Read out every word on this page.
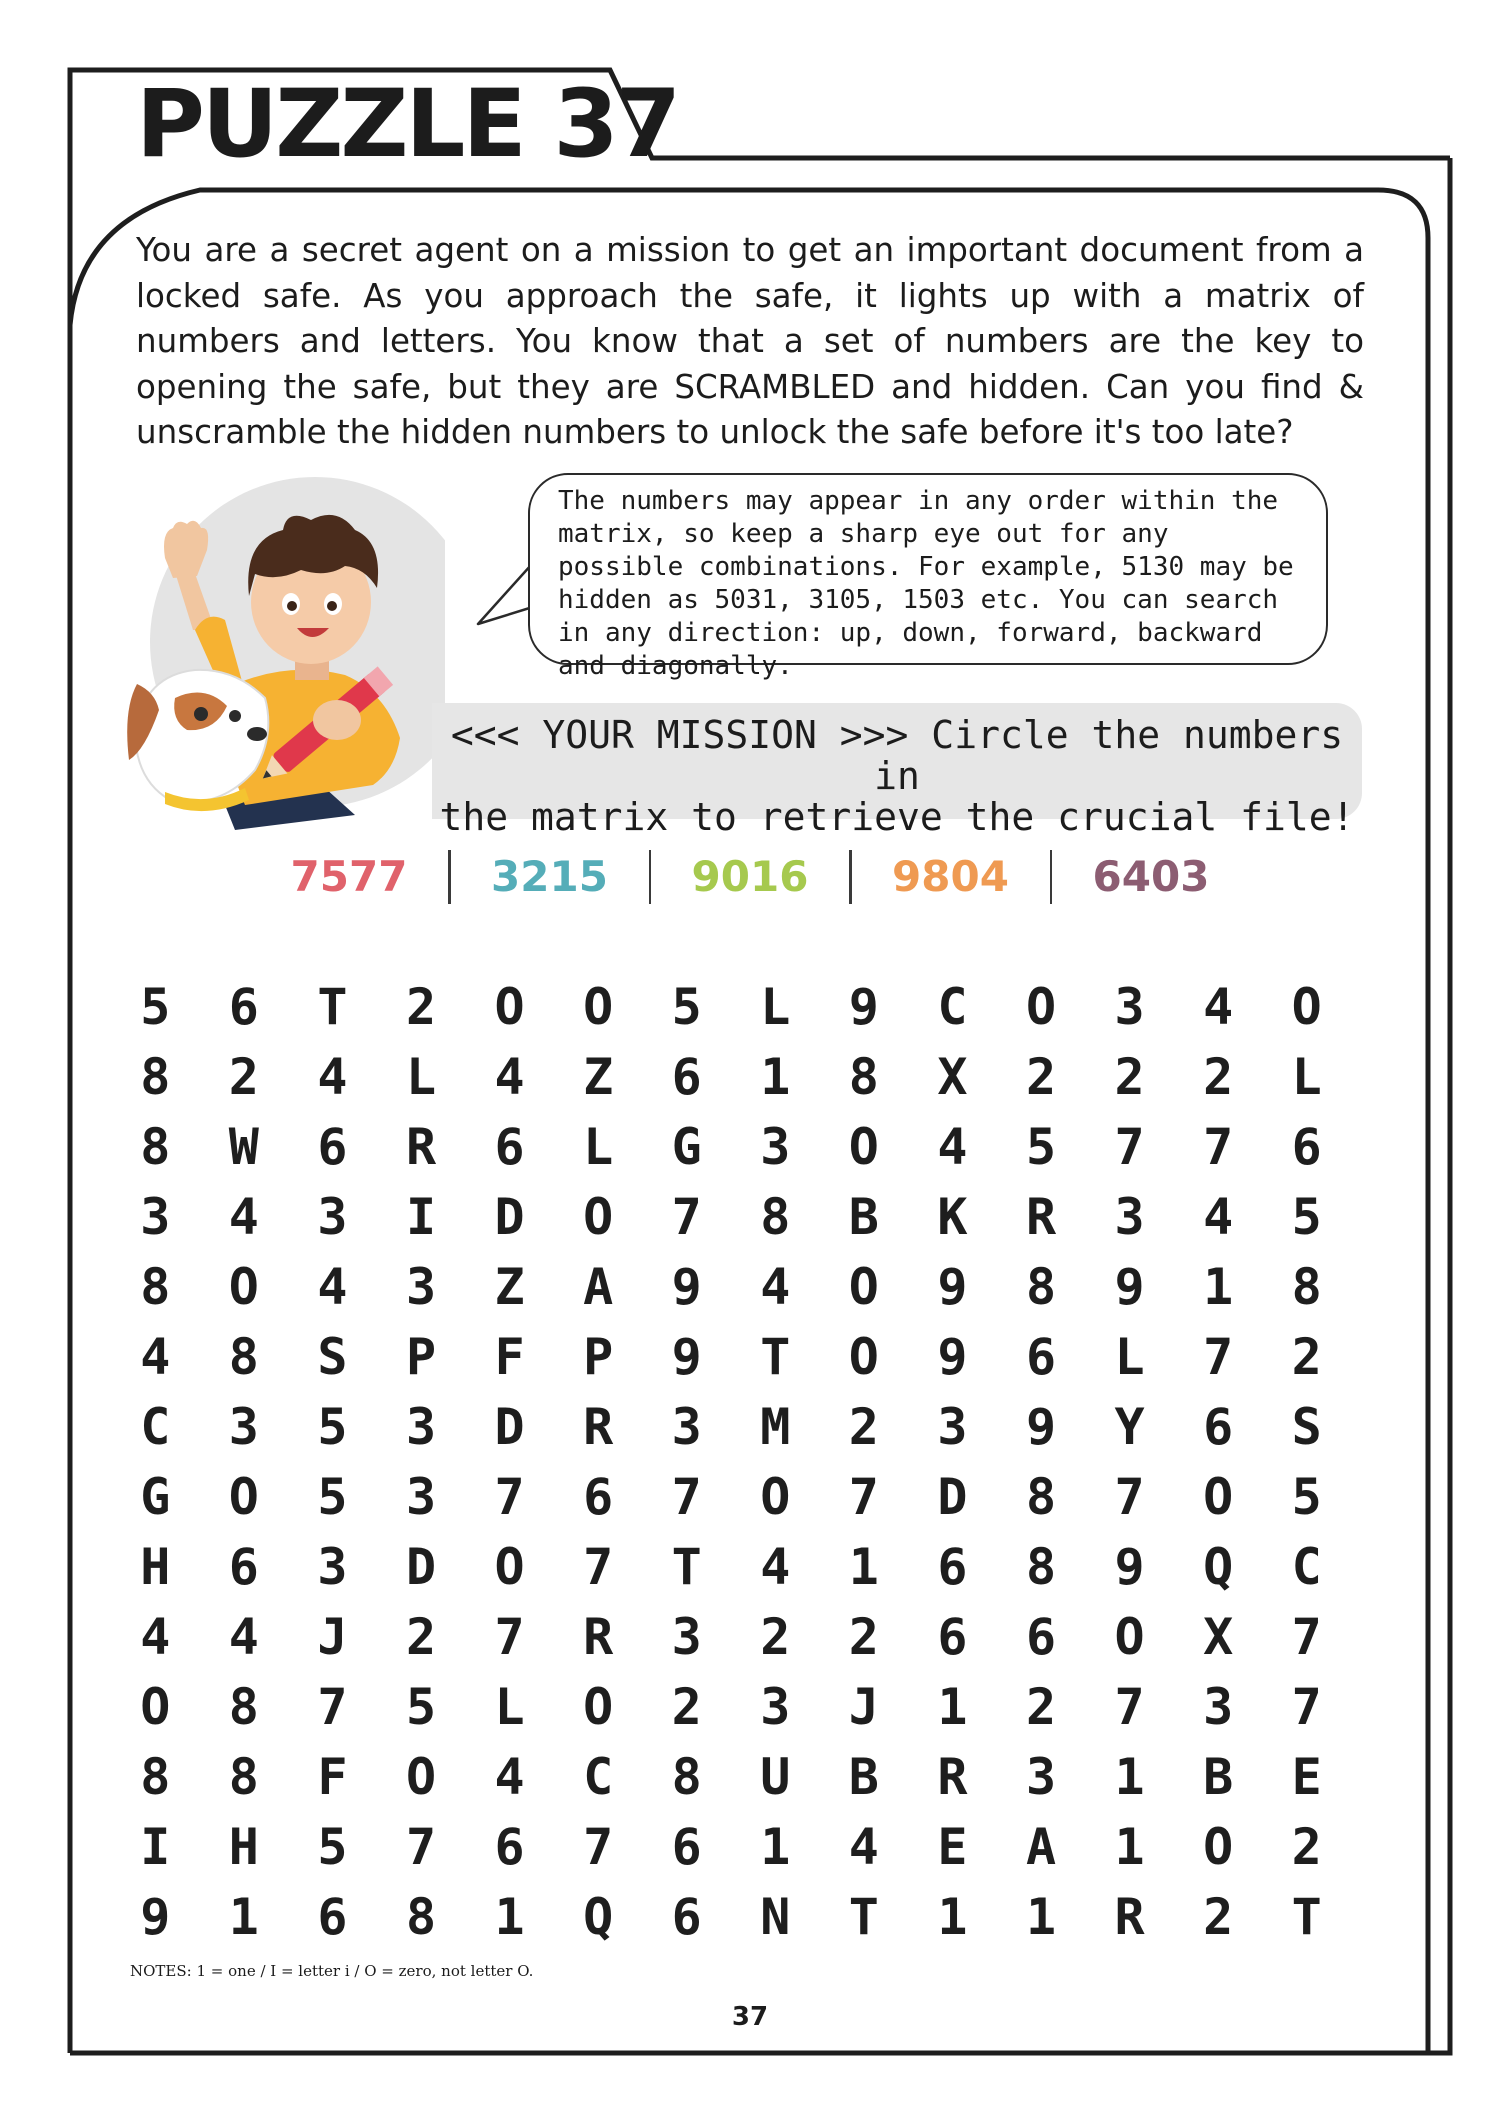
PUZZLE 37

You are a secret agent on a mission to get an important document from a locked safe. As you approach the safe, it lights up with a matrix of numbers and letters. You know that a set of numbers are the key to opening the safe, but they are SCRAMBLED and hidden. Can you find & unscramble the hidden numbers to unlock the safe before it's too late?

The numbers may appear in any order within the matrix, so keep a sharp eye out for any possible combinations. For example, 5130 may be hidden as 5031, 3105, 1503 etc. You can search in any direction: up, down, forward, backward and diagonally.

<<< YOUR MISSION >>> Circle the numbers in

the matrix to retrieve the crucial file!

7577	3215	9016	9804	6403
5	6	T	2	O	O	5	L	9	C	O	3	4	O
8	2	4	L	4	Z	6	1	8	X	2	2	2	L
8	W	6	R	6	L	G	3	O	4	5	7	7	6
3	4	3	I	D	O	7	8	B	K	R	3	4	5
8	O	4	3	Z	A	9	4	O	9	8	9	1	8
4	8	S	P	F	P	9	T	O	9	6	L	7	2
C	3	5	3	D	R	3	M	2	3	9	Y	6	S
G	O	5	3	7	6	7	O	7	D	8	7	O	5
H	6	3	D	O	7	T	4	1	6	8	9	Q	C
4	4	J	2	7	R	3	2	2	6	6	O	X	7
O	8	7	5	L	O	2	3	J	1	2	7	3	7
8	8	F	O	4	C	8	U	B	R	3	1	B	E
I	H	5	7	6	7	6	1	4	E	A	1	O	2
9	1	6	8	1	Q	6	N	T	1	1	R	2	T

NOTES: 1 = one / I = letter i / O = zero, not letter O.

37
